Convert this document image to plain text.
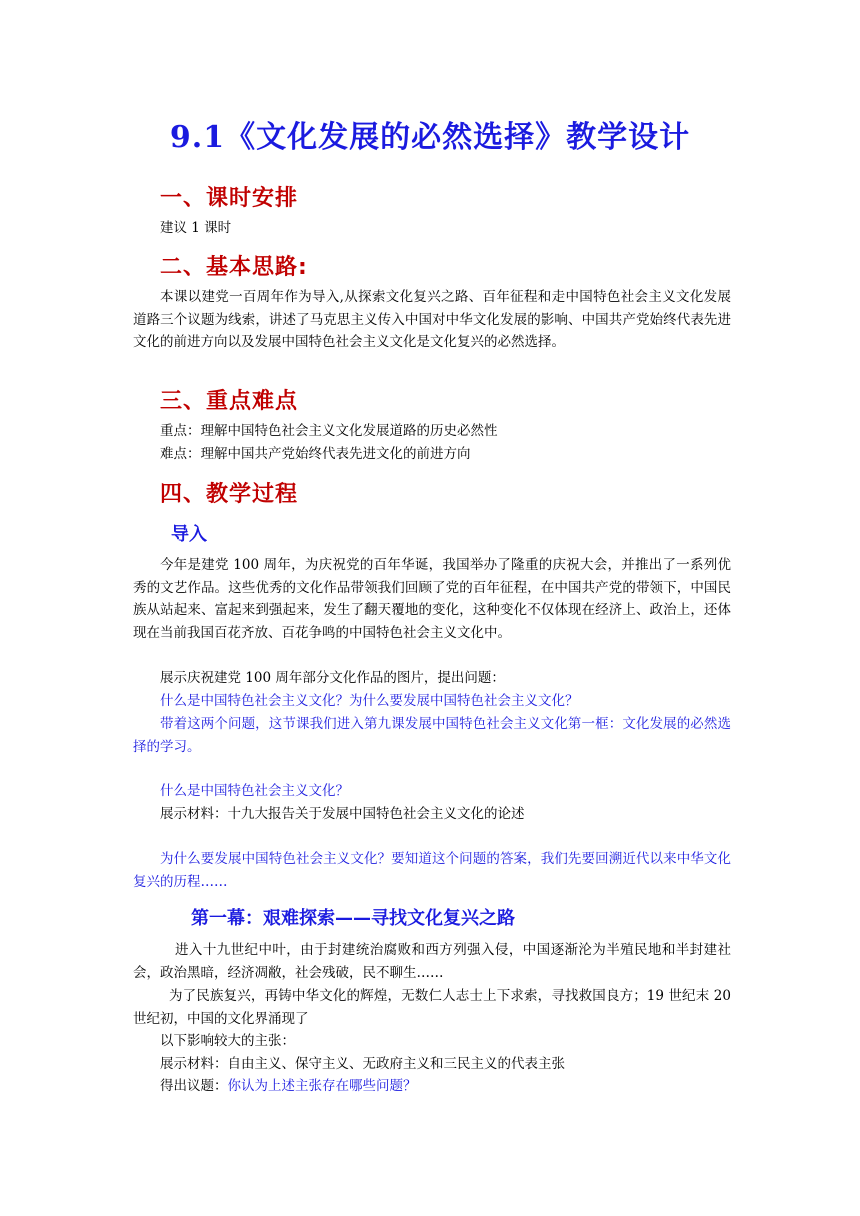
9.1《文化发展的必然选择》教学设计
一、课时安排
建议 1 课时
二、基本思路:
本课以建党一百周年作为导入,从探索文化复兴之路、百年征程和走中国特色社会主义文化发展道路三个议题为线索，讲述了马克思主义传入中国对中华文化发展的影响、中国共产党始终代表先进文化的前进方向以及发展中国特色社会主义文化是文化复兴的必然选择。
三、重点难点
重点：理解中国特色社会主义文化发展道路的历史必然性
难点：理解中国共产党始终代表先进文化的前进方向
四、教学过程
导入
今年是建党 100 周年，为庆祝党的百年华诞，我国举办了隆重的庆祝大会，并推出了一系列优秀的文艺作品。这些优秀的文化作品带领我们回顾了党的百年征程，在中国共产党的带领下，中国民族从站起来、富起来到强起来，发生了翻天覆地的变化，这种变化不仅体现在经济上、政治上，还体现在当前我国百花齐放、百花争鸣的中国特色社会主义文化中。
展示庆祝建党 100 周年部分文化作品的图片，提出问题：
什么是中国特色社会主义文化？为什么要发展中国特色社会主义文化？
带着这两个问题，这节课我们进入第九课发展中国特色社会主义文化第一框：文化发展的必然选择的学习。
什么是中国特色社会主义文化？
展示材料：十九大报告关于发展中国特色社会主义文化的论述
为什么要发展中国特色社会主义文化？要知道这个问题的答案，我们先要回溯近代以来中华文化复兴的历程……
第一幕：艰难探索——寻找文化复兴之路
进入十九世纪中叶，由于封建统治腐败和西方列强入侵，中国逐渐沦为半殖民地和半封建社会，政治黑暗，经济凋敝，社会残破，民不聊生……
为了民族复兴，再铸中华文化的辉煌，无数仁人志士上下求索，寻找救国良方；19 世纪末 20 世纪初，中国的文化界涌现了
以下影响较大的主张：
展示材料：自由主义、保守主义、无政府主义和三民主义的代表主张
得出议题：你认为上述主张存在哪些问题？
